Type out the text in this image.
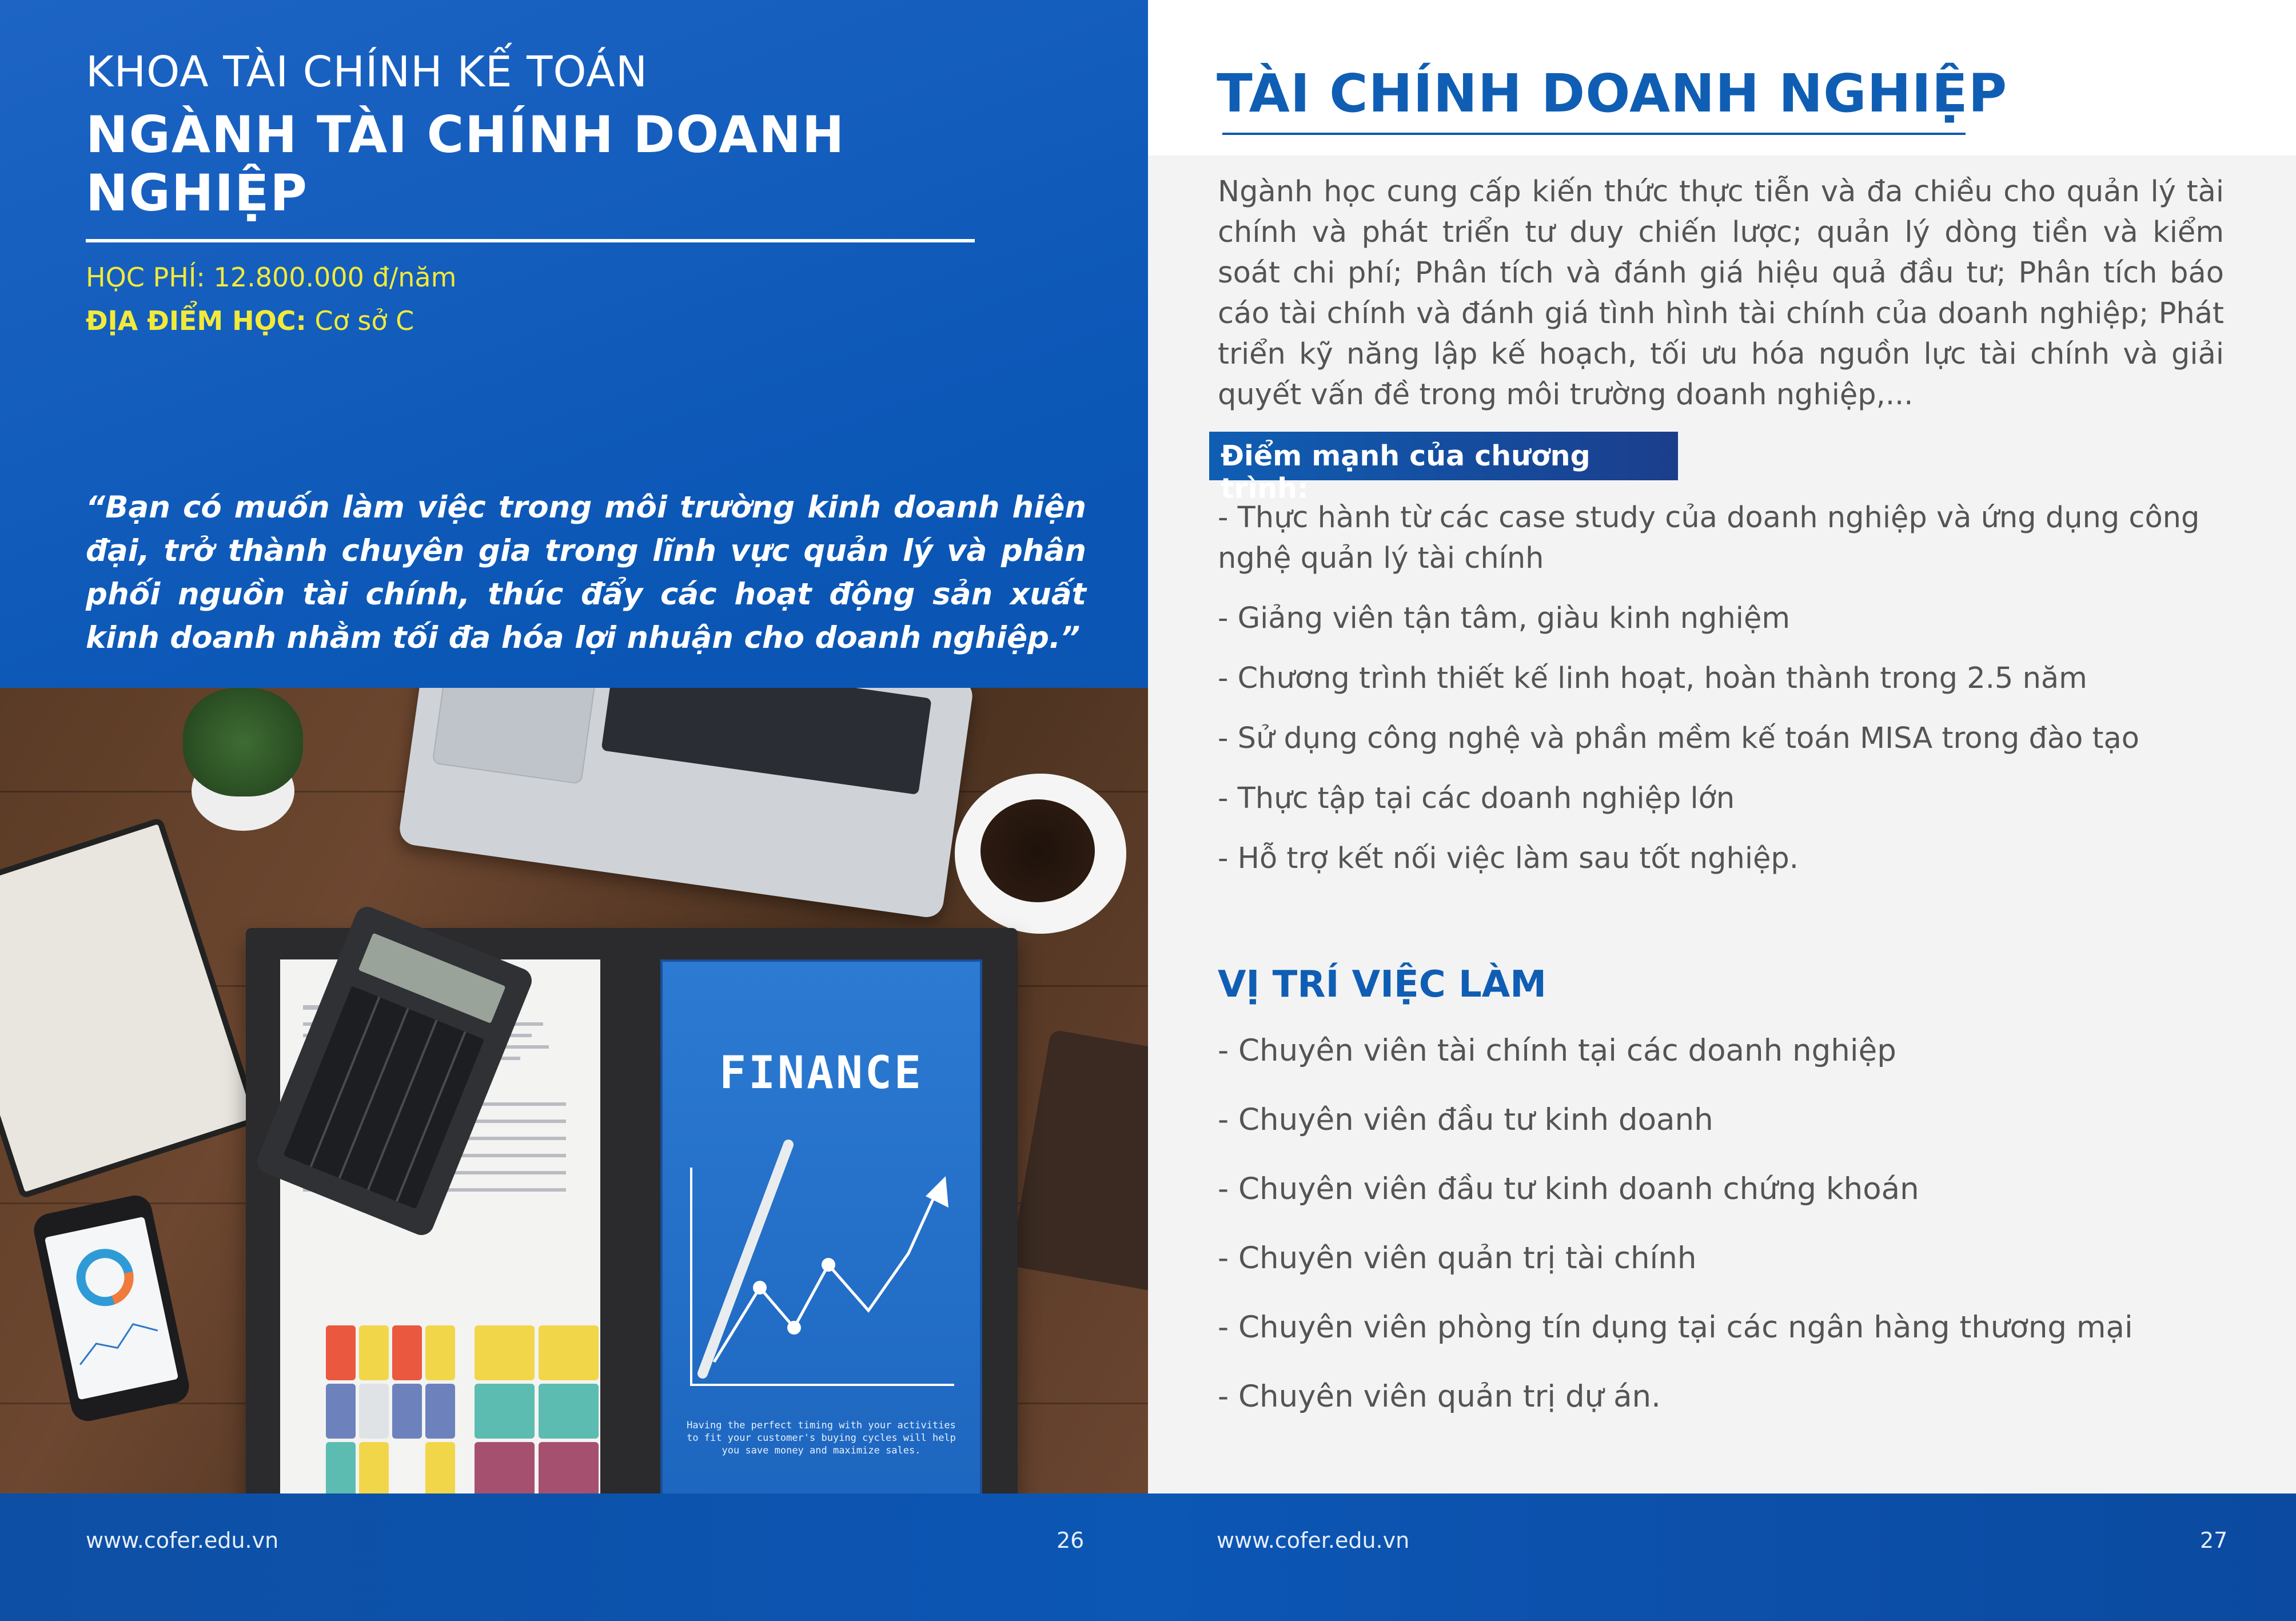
KHOA TÀI CHÍNH KẾ TOÁN
NGÀNH TÀI CHÍNH DOANH NGHIỆP
HỌC PHÍ: 12.800.000 đ/năm
ĐỊA ĐIỂM HỌC: Cơ sở C
“Bạn có muốn làm việc trong môi trường kinh doanh hiện đại, trở thành chuyên gia trong lĩnh vực quản lý và phân phối nguồn tài chính, thúc đẩy các hoạt động sản xuất kinh doanh nhằm tối đa hóa lợi nhuận cho doanh nghiệp.”
FINANCE
Having the perfect timing with your activities to fit your customer's buying cycles will help you save money and maximize sales.
www.cofer.edu.vn	26
TÀI CHÍNH DOANH NGHIỆP
Ngành học cung cấp kiến thức thực tiễn và đa chiều cho quản lý tài chính và phát triển tư duy chiến lược; quản lý dòng tiền và kiểm soát chi phí; Phân tích và đánh giá hiệu quả đầu tư; Phân tích báo cáo tài chính và đánh giá tình hình tài chính của doanh nghiệp; Phát triển kỹ năng lập kế hoạch, tối ưu hóa nguồn lực tài chính và giải quyết vấn đề trong môi trường doanh nghiệp,...
Điểm mạnh của chương trình:
- Thực hành từ các case study của doanh nghiệp và ứng dụng công nghệ quản lý tài chính
- Giảng viên tận tâm, giàu kinh nghiệm
- Chương trình thiết kế linh hoạt, hoàn thành trong 2.5 năm
- Sử dụng công nghệ và phần mềm kế toán MISA trong đào tạo
- Thực tập tại các doanh nghiệp lớn
- Hỗ trợ kết nối việc làm sau tốt nghiệp.
VỊ TRÍ VIỆC LÀM
- Chuyên viên tài chính tại các doanh nghiệp
- Chuyên viên đầu tư kinh doanh
- Chuyên viên đầu tư kinh doanh chứng khoán
- Chuyên viên quản trị tài chính
- Chuyên viên phòng tín dụng tại các ngân hàng thương mại
- Chuyên viên quản trị dự án.
www.cofer.edu.vn	27
